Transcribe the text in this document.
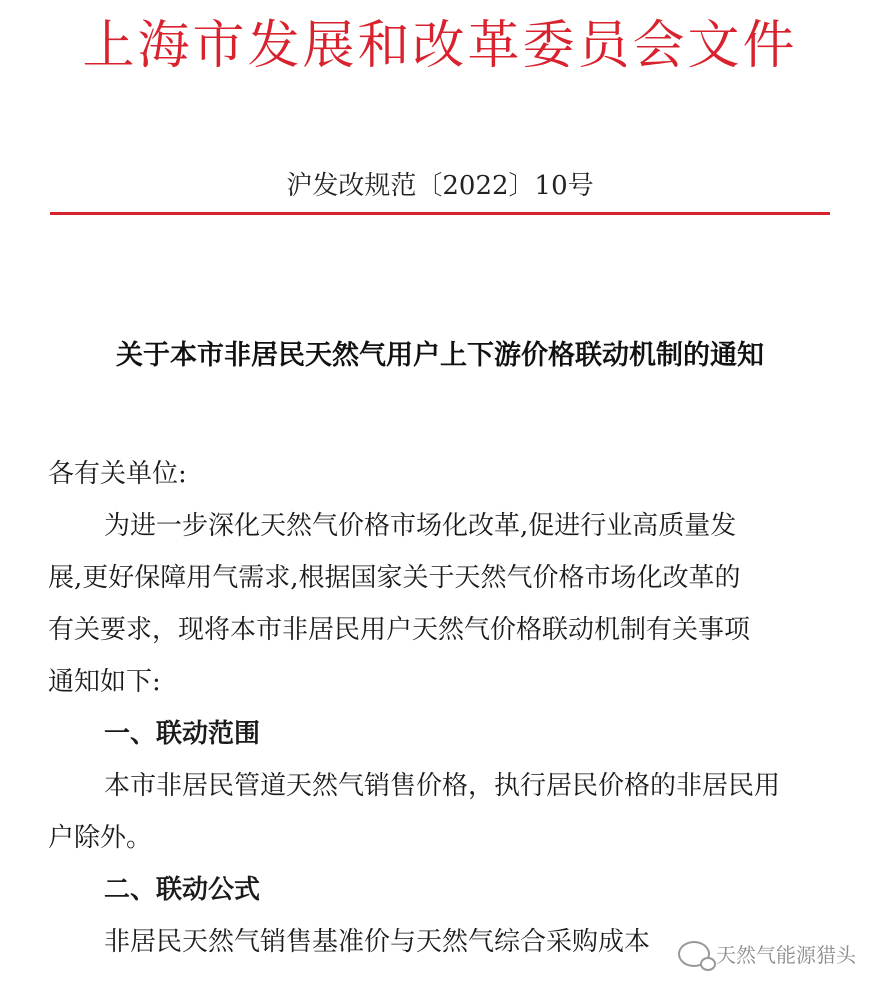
上海市发展和改革委员会文件
沪发改规范〔2022〕10号
关于本市非居民天然气用户上下游价格联动机制的通知
各有关单位:
为进一步深化天然气价格市场化改革,促进行业高质量发
展,更好保障用气需求,根据国家关于天然气价格市场化改革的
有关要求，现将本市非居民用户天然气价格联动机制有关事项
通知如下:
一、联动范围
本市非居民管道天然气销售价格，执行居民价格的非居民用
户除外。
二、联动公式
非居民天然气销售基准价与天然气综合采购成本	天然气能源猎头
